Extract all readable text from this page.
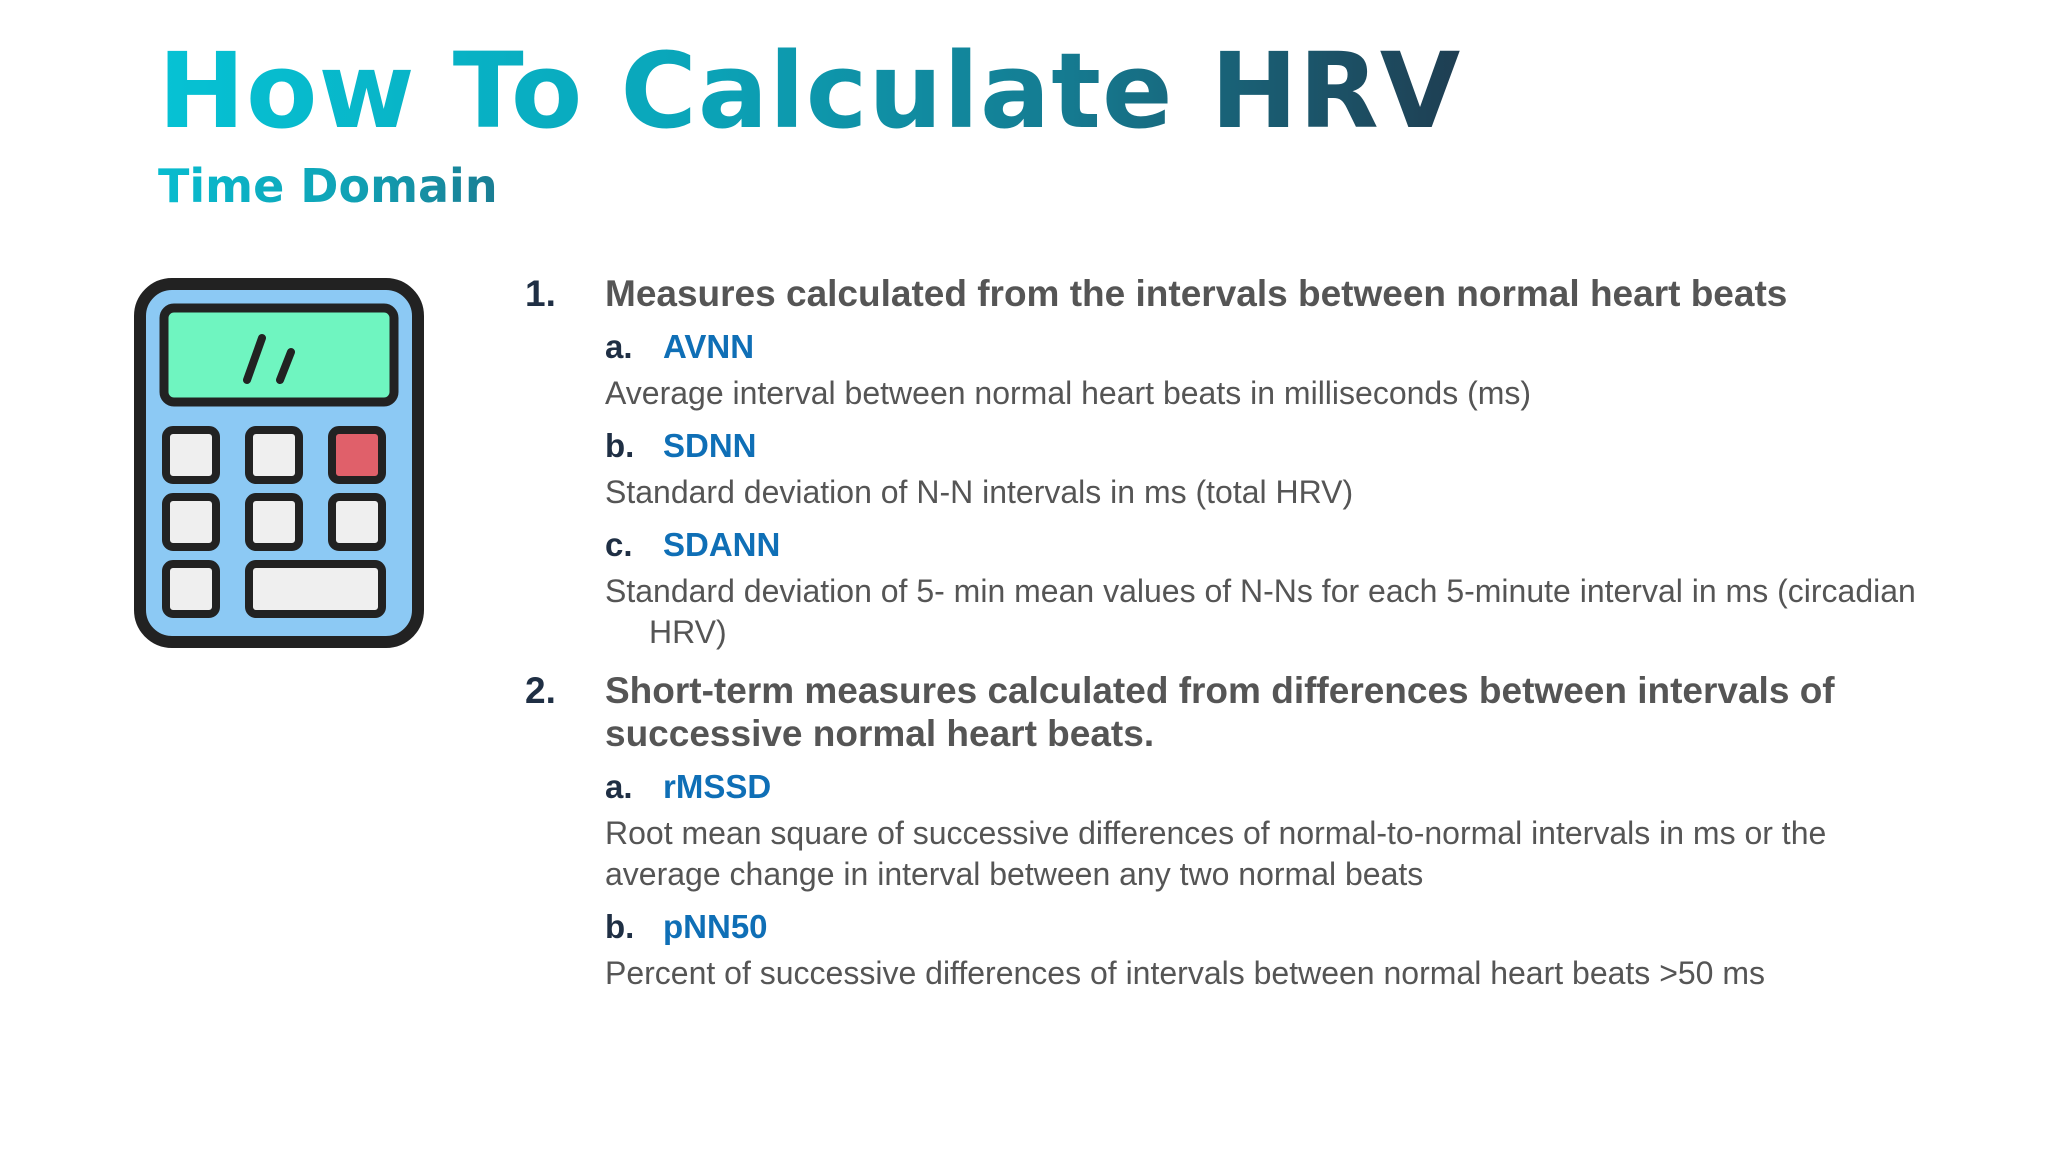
How To Calculate HRV
Time Domain
1. Measures calculated from the intervals between normal heart beats
a. AVNN
Average interval between normal heart beats in milliseconds (ms)
b. SDNN
Standard deviation of N-N intervals in ms (total HRV)
c. SDANN
Standard deviation of 5- min mean values of N-Ns for each 5-minute interval in ms (circadian HRV)
2. Short-term measures calculated from differences between intervals of successive normal heart beats.
a. rMSSD
Root mean square of successive differences of normal-to-normal intervals in ms or the average change in interval between any two normal beats
b. pNN50
Percent of successive differences of intervals between normal heart beats >50 ms
